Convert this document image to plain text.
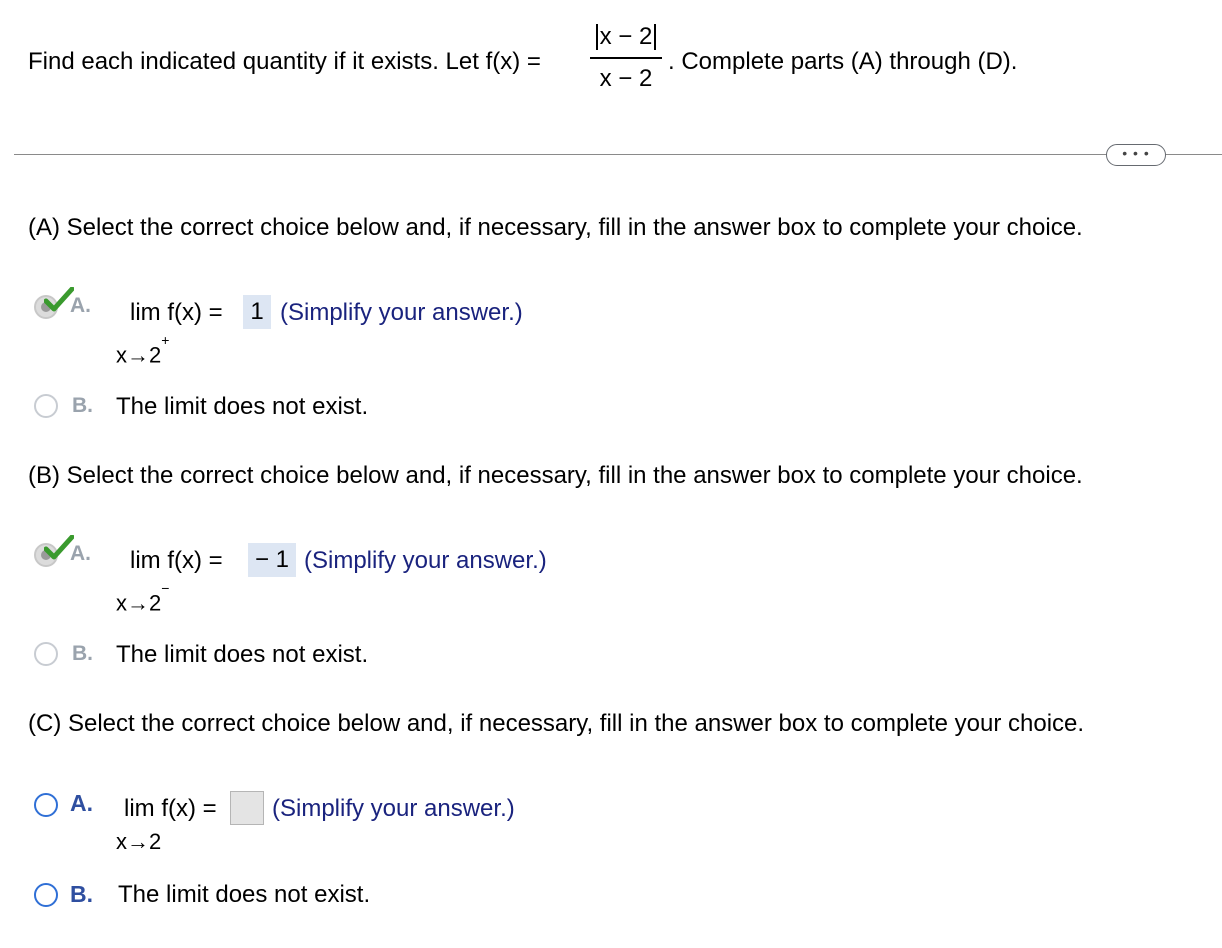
Find each indicated quantity if it exists. Let f(x) =
x − 2
x − 2
. Complete parts (A) through (D).
• • •
(A) Select the correct choice below and, if necessary, fill in the answer box to complete your choice.
A. lim f(x) =	1 (Simplify your answer.)
x→2+
B. The limit does not exist.
(B) Select the correct choice below and, if necessary, fill in the answer box to complete your choice.
A. lim f(x) = − 1 (Simplify your answer.)
x→2−
B. The limit does not exist.
(C) Select the correct choice below and, if necessary, fill in the answer box to complete your choice.
A. lim f(x) = (Simplify your answer.)
x→2
B. The limit does not exist.
